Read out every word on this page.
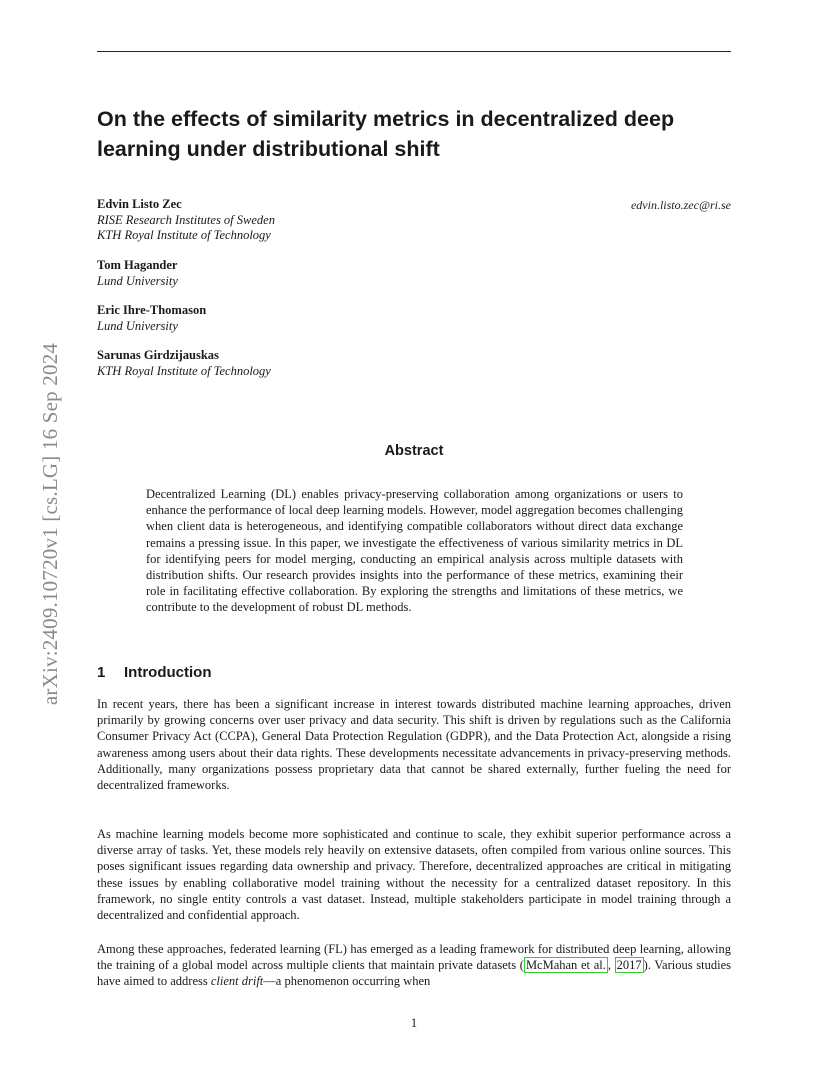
arXiv:2409.10720v1 [cs.LG] 16 Sep 2024
On the effects of similarity metrics in decentralized deep learning under distributional shift
Edvin Listo Zec
RISE Research Institutes of Sweden
KTH Royal Institute of Technology
edvin.listo.zec@ri.se
Tom Hagander
Lund University
Eric Ihre-Thomason
Lund University
Sarunas Girdzijauskas
KTH Royal Institute of Technology
Abstract

Decentralized Learning (DL) enables privacy-preserving collaboration among organizations or users to enhance the performance of local deep learning models. However, model aggregation becomes challenging when client data is heterogeneous, and identifying compatible collaborators without direct data exchange remains a pressing issue. In this paper, we investigate the effectiveness of various similarity metrics in DL for identifying peers for model merging, conducting an empirical analysis across multiple datasets with distribution shifts. Our research provides insights into the performance of these metrics, examining their role in facilitating effective collaboration. By exploring the strengths and limitations of these metrics, we contribute to the development of robust DL methods.

1 Introduction

In recent years, there has been a significant increase in interest towards distributed machine learning approaches, driven primarily by growing concerns over user privacy and data security. This shift is driven by regulations such as the California Consumer Privacy Act (CCPA), General Data Protection Regulation (GDPR), and the Data Protection Act, alongside a rising awareness among users about their data rights. These developments necessitate advancements in privacy-preserving methods. Additionally, many organizations possess proprietary data that cannot be shared externally, further fueling the need for decentralized frameworks.

As machine learning models become more sophisticated and continue to scale, they exhibit superior performance across a diverse array of tasks. Yet, these models rely heavily on extensive datasets, often compiled from various online sources. This poses significant issues regarding data ownership and privacy. Therefore, decentralized approaches are critical in mitigating these issues by enabling collaborative model training without the necessity for a centralized dataset repository. In this framework, no single entity controls a vast dataset. Instead, multiple stakeholders participate in model training through a decentralized and confidential approach.

Among these approaches, federated learning (FL) has emerged as a leading framework for distributed deep learning, allowing the training of a global model across multiple clients that maintain private datasets ( McMahan et al. , 2017 ). Various studies have aimed to address client drift—a phenomenon occurring when

1
